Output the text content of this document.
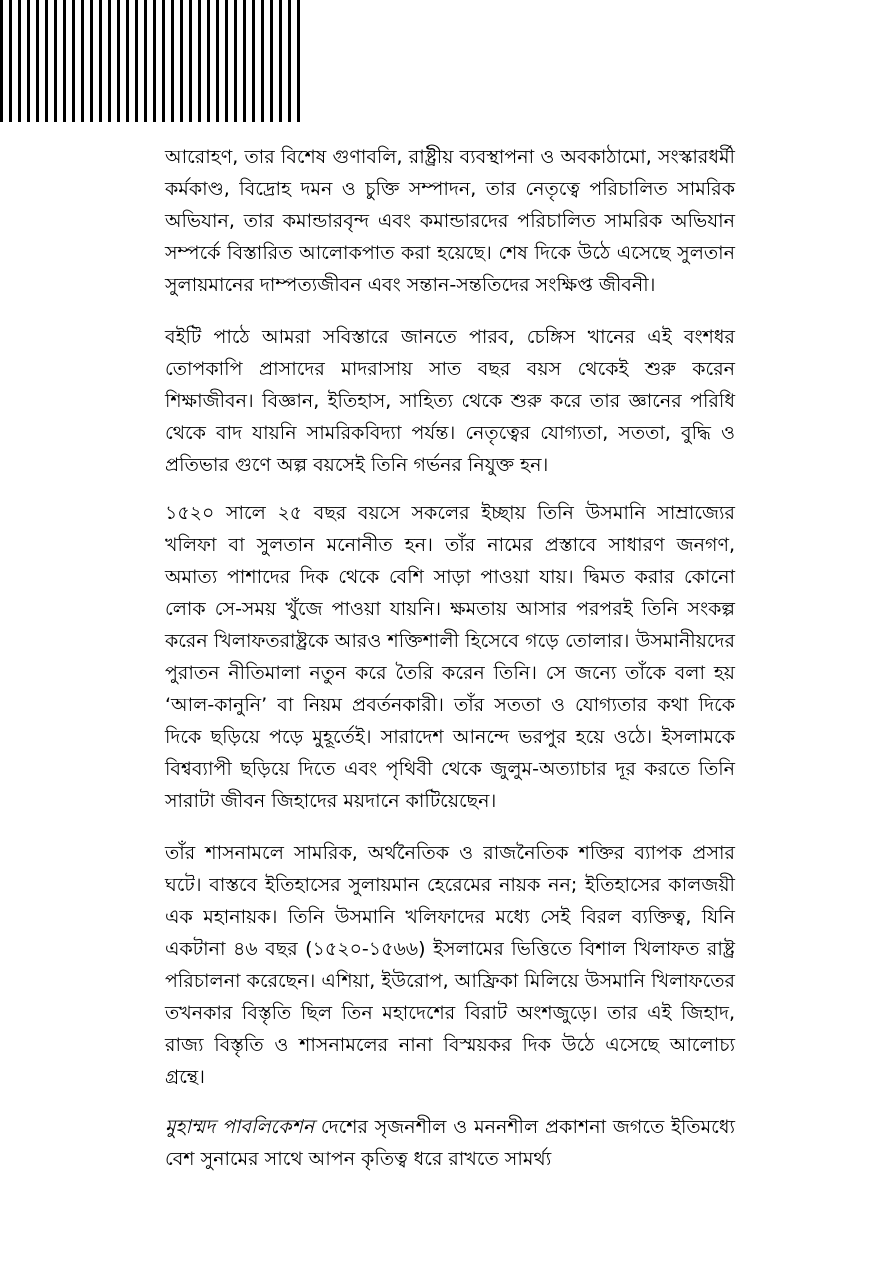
আরোহণ, তার বিশেষ গুণাবলি, রাষ্ট্রীয় ব্যবস্থাপনা ও অবকাঠামো, সংস্কারধর্মী কর্মকাণ্ড, বিদ্রোহ দমন ও চুক্তি সম্পাদন, তার নেতৃত্বে পরিচালিত সামরিক অভিযান, তার কমান্ডারবৃন্দ এবং কমান্ডারদের পরিচালিত সামরিক অভিযান সম্পর্কে বিস্তারিত আলোকপাত করা হয়েছে। শেষ দিকে উঠে এসেছে সুলতান সুলায়মানের দাম্পত্যজীবন এবং সন্তান-সন্ততিদের সংক্ষিপ্ত জীবনী।

বইটি পাঠে আমরা সবিস্তারে জানতে পারব, চেঙ্গিস খানের এই বংশধর তোপকাপি প্রাসাদের মাদরাসায় সাত বছর বয়স থেকেই শুরু করেন শিক্ষাজীবন। বিজ্ঞান, ইতিহাস, সাহিত্য থেকে শুরু করে তার জ্ঞানের পরিধি থেকে বাদ যায়নি সামরিকবিদ্যা পর্যন্ত। নেতৃত্বের যোগ্যতা, সততা, বুদ্ধি ও প্রতিভার গুণে অল্প বয়সেই তিনি গর্ভনর নিযুক্ত হন।

১৫২০ সালে ২৫ বছর বয়সে সকলের ইচ্ছায় তিনি উসমানি সাম্রাজ্যের খলিফা বা সুলতান মনোনীত হন। তাঁর নামের প্রস্তাবে সাধারণ জনগণ, অমাত্য পাশাদের দিক থেকে বেশি সাড়া পাওয়া যায়। দ্বিমত করার কোনো লোক সে-সময় খুঁজে পাওয়া যায়নি। ক্ষমতায় আসার পরপরই তিনি সংকল্প করেন খিলাফতরাষ্ট্রকে আরও শক্তিশালী হিসেবে গড়ে তোলার। উসমানীয়দের পুরাতন নীতিমালা নতুন করে তৈরি করেন তিনি। সে জন্যে তাঁকে বলা হয় ‘আল-কানুনি’ বা নিয়ম প্রবর্তনকারী। তাঁর সততা ও যোগ্যতার কথা দিকে দিকে ছড়িয়ে পড়ে মুহূর্তেই। সারাদেশ আনন্দে ভরপুর হয়ে ওঠে। ইসলামকে বিশ্বব্যাপী ছড়িয়ে দিতে এবং পৃথিবী থেকে জুলুম-অত্যাচার দূর করতে তিনি সারাটা জীবন জিহাদের ময়দানে কাটিয়েছেন।

তাঁর শাসনামলে সামরিক, অর্থনৈতিক ও রাজনৈতিক শক্তির ব্যাপক প্রসার ঘটে। বাস্তবে ইতিহাসের সুলায়মান হেরেমের নায়ক নন; ইতিহাসের কালজয়ী এক মহানায়ক। তিনি উসমানি খলিফাদের মধ্যে সেই বিরল ব্যক্তিত্ব, যিনি একটানা ৪৬ বছর (১৫২০-১৫৬৬) ইসলামের ভিত্তিতে বিশাল খিলাফত রাষ্ট্র পরিচালনা করেছেন। এশিয়া, ইউরোপ, আফ্রিকা মিলিয়ে উসমানি খিলাফতের তখনকার বিস্তৃতি ছিল তিন মহাদেশের বিরাট অংশজুড়ে। তার এই জিহাদ, রাজ্য বিস্তৃতি ও শাসনামলের নানা বিস্ময়কর দিক উঠে এসেছে আলোচ্য গ্রন্থে।

মুহাম্মদ পাবলিকেশন দেশের সৃজনশীল ও মননশীল প্রকাশনা জগতে ইতিমধ্যে বেশ সুনামের সাথে আপন কৃতিত্ব ধরে রাখতে সামর্থ্য
